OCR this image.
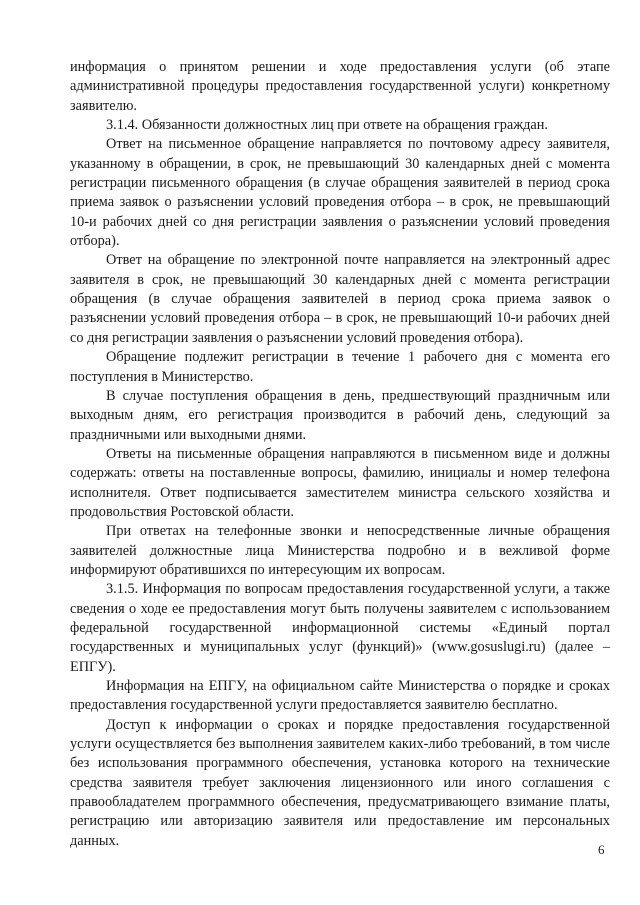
информация о принятом решении и ходе предоставления услуги (об этапе административной процедуры предоставления государственной услуги) конкретному заявителю.

3.1.4. Обязанности должностных лиц при ответе на обращения граждан.

Ответ на письменное обращение направляется по почтовому адресу заявителя, указанному в обращении, в срок, не превышающий 30 календарных дней с момента регистрации письменного обращения (в случае обращения заявителей в период срока приема заявок о разъяснении условий проведения отбора – в срок, не превышающий 10-и рабочих дней со дня регистрации заявления о разъяснении условий проведения отбора).

Ответ на обращение по электронной почте направляется на электронный адрес заявителя в срок, не превышающий 30 календарных дней с момента регистрации обращения (в случае обращения заявителей в период срока приема заявок о разъяснении условий проведения отбора – в срок, не превышающий 10-и рабочих дней со дня регистрации заявления о разъяснении условий проведения отбора).

Обращение подлежит регистрации в течение 1 рабочего дня с момента его поступления в Министерство.

В случае поступления обращения в день, предшествующий праздничным или выходным дням, его регистрация производится в рабочий день, следующий за праздничными или выходными днями.

Ответы на письменные обращения направляются в письменном виде и должны содержать: ответы на поставленные вопросы, фамилию, инициалы и номер телефона исполнителя. Ответ подписывается заместителем министра сельского хозяйства и продовольствия Ростовской области.

При ответах на телефонные звонки и непосредственные личные обращения заявителей должностные лица Министерства подробно и в вежливой форме информируют обратившихся по интересующим их вопросам.

3.1.5. Информация по вопросам предоставления государственной услуги, а также сведения о ходе ее предоставления могут быть получены заявителем с использованием федеральной государственной информационной системы «Единый портал государственных и муниципальных услуг (функций)» (www.gosuslugi.ru) (далее – ЕПГУ).

Информация на ЕПГУ, на официальном сайте Министерства о порядке и сроках предоставления государственной услуги предоставляется заявителю бесплатно.

Доступ к информации о сроках и порядке предоставления государственной услуги осуществляется без выполнения заявителем каких-либо требований, в том числе без использования программного обеспечения, установка которого на технические средства заявителя требует заключения лицензионного или иного соглашения с правообладателем программного обеспечения, предусматривающего взимание платы, регистрацию или авторизацию заявителя или предоставление им персональных данных.

6
